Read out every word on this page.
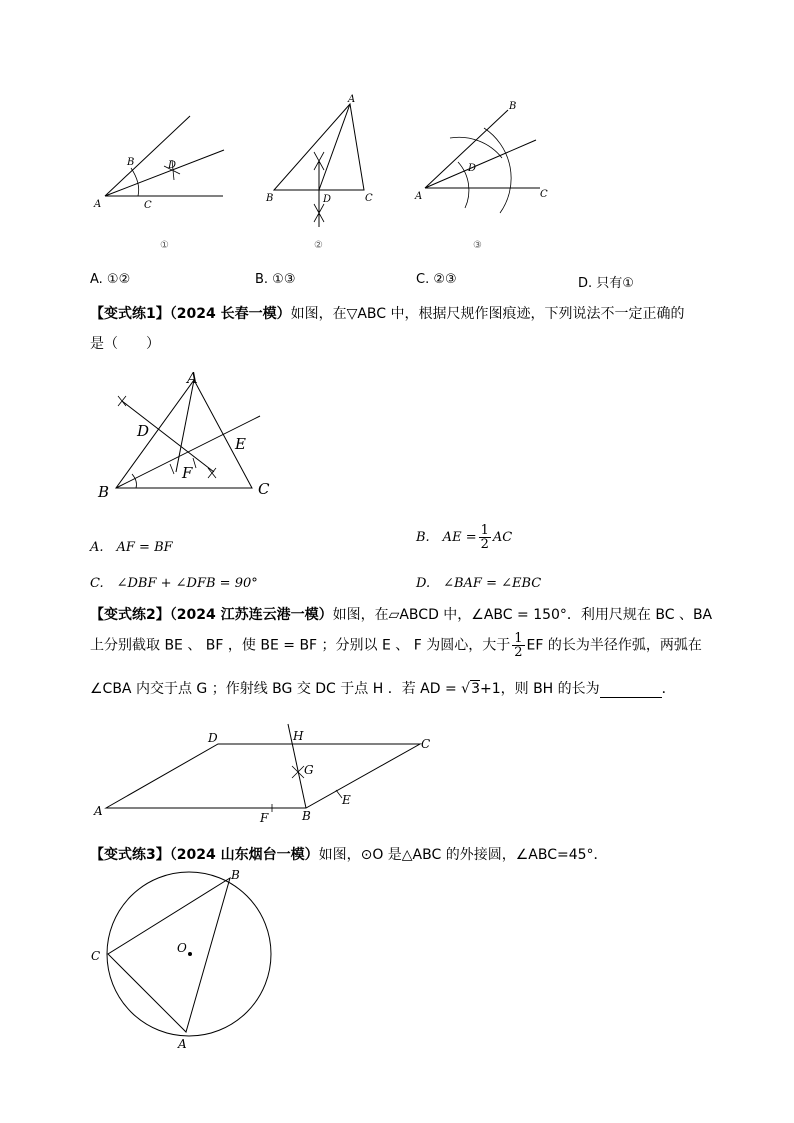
A
B
C
D
①
A
B	C
D
②
A
B
C
D
③
A. ①②	B. ①③	C. ②③	D. 只有①
【变式练1】（2024 长春一模）如图，在▽ABC 中，根据尺规作图痕迹，下列说法不一定正确的
是（　　）
A
B	C
D
E
F
A.　AF = BF
B.　AE = $\frac{1}{2}$ AC
C.　∠DBF + ∠DFB = 90°	D.　∠BAF = ∠EBC
【变式练2】（2024 江苏连云港一模）如图，在▱ABCD 中，∠ABC = 150°．利用尺规在 BC 、BA
上分别截取 BE 、 BF ，使 BE = BF ；分别以 E 、 F 为圆心，大于 $\frac{1}{2}$ EF 的长为半径作弧，两弧在
∠CBA 内交于点 G ；作射线 BG 交 DC 于点 H ．若 AD = √3+1，则 BH 的长为	．
A	B
C
D
E
F
G
H
【变式练3】（2024 山东烟台一模）如图，⊙O 是△ABC 的外接圆，∠ABC=45°．
B
C
A
O
